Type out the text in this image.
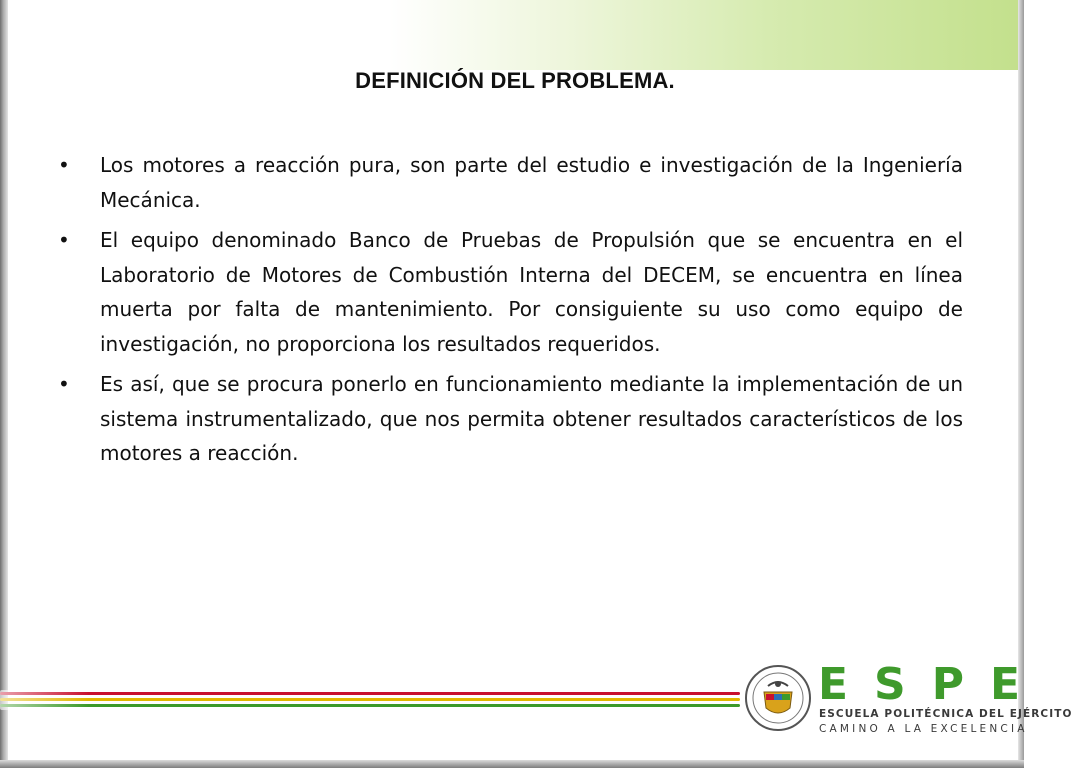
DEFINICIÓN DEL PROBLEMA.
• Los motores a reacción pura, son parte del estudio e investigación de la Ingeniería Mecánica.
• El equipo denominado Banco de Pruebas de Propulsión que se encuentra en el Laboratorio de Motores de Combustión Interna del DECEM, se encuentra en línea muerta por falta de mantenimiento. Por consiguiente su uso como equipo de investigación, no proporciona los resultados requeridos.
• Es así, que se procura ponerlo en funcionamiento mediante la implementación de un sistema instrumentalizado, que nos permita obtener resultados característicos de los motores a reacción.
ESPE
ESCUELA POLITÉCNICA DEL EJÉRCITO
CAMINO A LA EXCELENCIA
